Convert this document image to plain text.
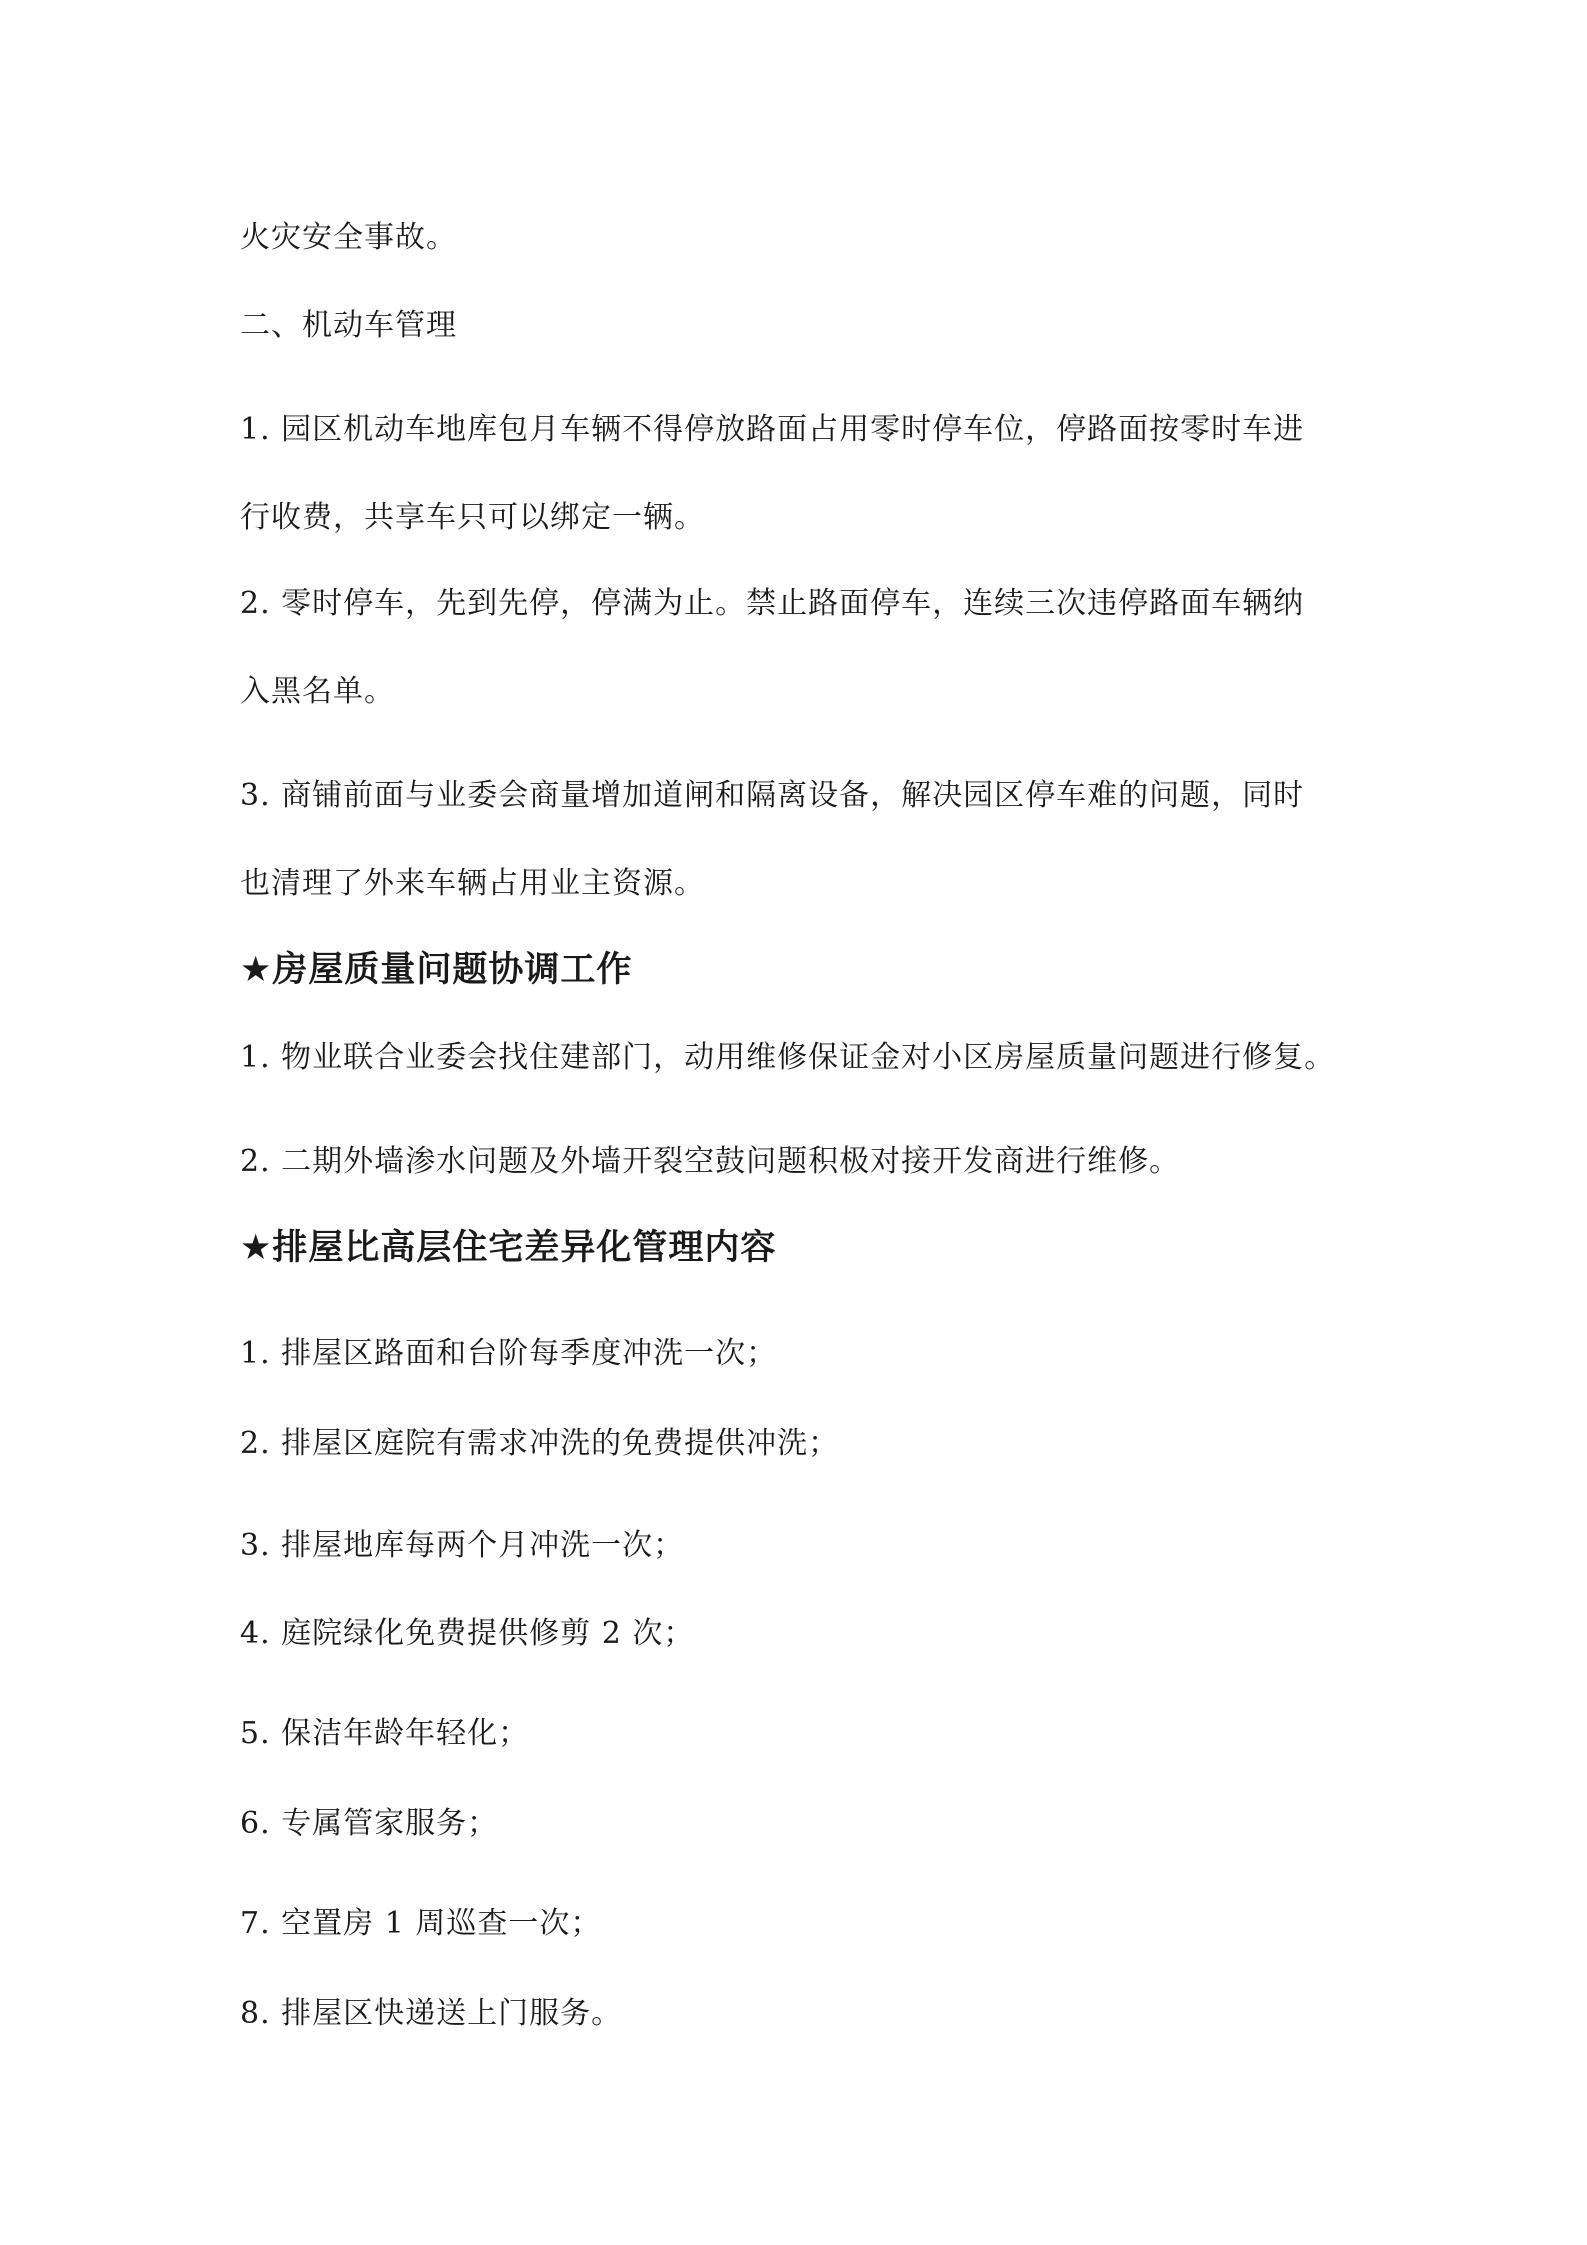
火灾安全事故。
二、机动车管理
1. 园区机动车地库包月车辆不得停放路面占用零时停车位，停路面按零时车进
行收费，共享车只可以绑定一辆。
2. 零时停车，先到先停，停满为止。禁止路面停车，连续三次违停路面车辆纳
入黑名单。
3. 商铺前面与业委会商量增加道闸和隔离设备，解决园区停车难的问题，同时
也清理了外来车辆占用业主资源。
★房屋质量问题协调工作
1. 物业联合业委会找住建部门，动用维修保证金对小区房屋质量问题进行修复。
2. 二期外墙渗水问题及外墙开裂空鼓问题积极对接开发商进行维修。
★排屋比高层住宅差异化管理内容
1. 排屋区路面和台阶每季度冲洗一次；
2. 排屋区庭院有需求冲洗的免费提供冲洗；
3. 排屋地库每两个月冲洗一次；
4. 庭院绿化免费提供修剪 2 次；
5. 保洁年龄年轻化；
6. 专属管家服务；
7. 空置房 1 周巡查一次；
8. 排屋区快递送上门服务。
